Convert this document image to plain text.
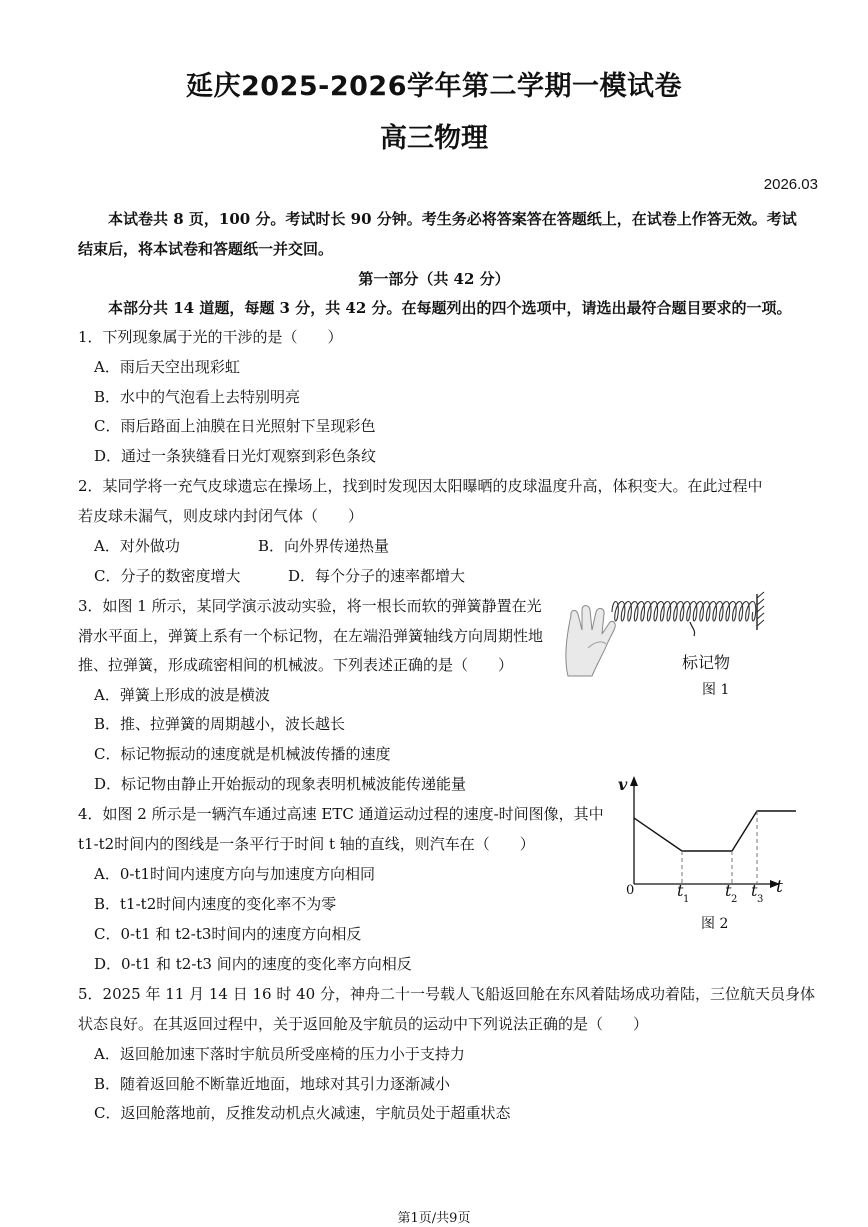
延庆2025-2026学年第二学期一模试卷
高三物理
2026.03
本试卷共 8 页，100 分。考试时长 90 分钟。考生务必将答案答在答题纸上，在试卷上作答无效。考试
结束后，将本试卷和答题纸一并交回。
第一部分（共 42 分）
本部分共 14 道题，每题 3 分，共 42 分。在每题列出的四个选项中，请选出最符合题目要求的一项。
1．下列现象属于光的干涉的是（　　）
A．雨后天空出现彩虹
B．水中的气泡看上去特别明亮
C．雨后路面上油膜在日光照射下呈现彩色
D．通过一条狭缝看日光灯观察到彩色条纹
2．某同学将一充气皮球遗忘在操场上，找到时发现因太阳曝晒的皮球温度升高，体积变大。在此过程中
若皮球未漏气，则皮球内封闭气体（　　）
A．对外做功	B．向外界传递热量
C．分子的数密度增大	D．每个分子的速率都增大
3．如图 1 所示，某同学演示波动实验，将一根长而软的弹簧静置在光
滑水平面上，弹簧上系有一个标记物，在左端沿弹簧轴线方向周期性地
推、拉弹簧，形成疏密相间的机械波。下列表述正确的是（　　）
A．弹簧上形成的波是横波
B．推、拉弹簧的周期越小，波长越长
C．标记物振动的速度就是机械波传播的速度
D．标记物由静止开始振动的现象表明机械波能传递能量
标记物
图 1
4．如图 2 所示是一辆汽车通过高速 ETC 通道运动过程的速度-时间图像，其中
t1-t2时间内的图线是一条平行于时间 t 轴的直线，则汽车在（　　）
A．0-t1时间内速度方向与加速度方向相同
B．t1-t2时间内速度的变化率不为零
C．0-t1 和 t2-t3时间内的速度方向相反
D．0-t1 和 t2-t3 间内的速度的变化率方向相反
v
t
0	t 1 t 2 t 3
图 2
5．2025 年 11 月 14 日 16 时 40 分，神舟二十一号载人飞船返回舱在东风着陆场成功着陆，三位航天员身体
状态良好。在其返回过程中，关于返回舱及宇航员的运动中下列说法正确的是（　　）
A．返回舱加速下落时宇航员所受座椅的压力小于支持力
B．随着返回舱不断靠近地面，地球对其引力逐渐减小
C．返回舱落地前，反推发动机点火减速，宇航员处于超重状态
第1页/共9页
